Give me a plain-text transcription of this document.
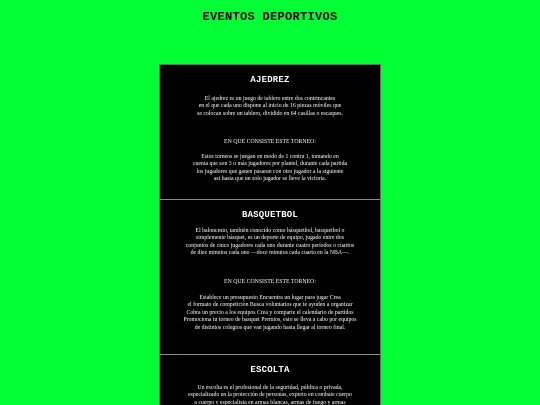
EVENTOS DEPORTIVOS
AJEDREZ
El ajedrez es un juego de tablero entre dos contrincantes
en el que cada uno dispone al inicio de 16 piezas móviles que
se colocan sobre un tablero, dividido en 64 casillas o escaques.
EN QUE CONSISTE ESTE TORNEO:
Estos torneos se juegan en modo de 1 contra 1, tomando en
cuenta que son 3 o más jugadores por plantel, durante cada partida
los jugadores que ganen pasaran con otro jugador a la siguiente
asi hasta que un solo jugador se lleve la victoria.
BASQUETBOL
El baloncesto, también conocido como básquetbol, basquetbol o
simplemente básquet, es un deporte de equipo, jugado entre dos
conjuntos de cinco jugadores cada uno durante cuatro períodos o cuartos
de diez minutos cada uno —doce minutos cada cuarto en la NBA—.
EN QUE CONSISTE ESTE TORNEO:
Establece un presupuesto Encuentra un lugar para jugar Crea
el formato de competición Busca voluntarios que te ayuden a organizar
Cobra un precio a los equipos Crea y comparte el calendario de partidos
Promociona tu torneo de basquet Premios, esto se lleva a cabo por equipos
de distintos colegios que van jugando hasta llegar al torneo final.
ESCOLTA
Un escolta es el profesional de la seguridad, pública o privada,
especializado en la protección de personas, experto en combate cuerpo
a cuerpo y especialista en armas blancas, armas de fuego y armas
